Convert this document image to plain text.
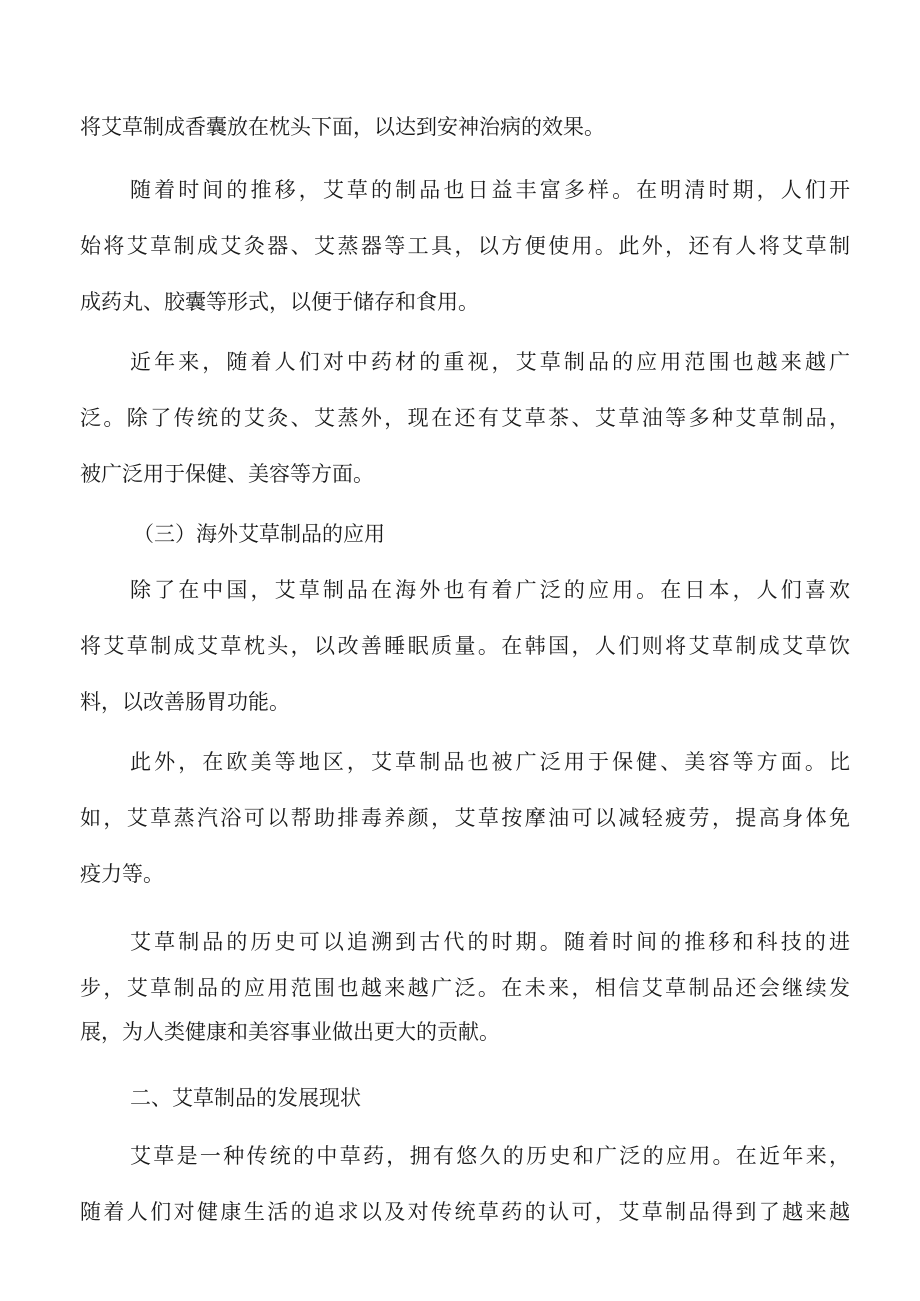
将艾草制成香囊放在枕头下面，以达到安神治病的效果。

随着时间的推移，艾草的制品也日益丰富多样。在明清时期，人们开

始将艾草制成艾灸器、艾蒸器等工具，以方便使用。此外，还有人将艾草制

成药丸、胶囊等形式，以便于储存和食用。

近年来，随着人们对中药材的重视，艾草制品的应用范围也越来越广

泛。除了传统的艾灸、艾蒸外，现在还有艾草茶、艾草油等多种艾草制品，

被广泛用于保健、美容等方面。

（三）海外艾草制品的应用

除了在中国，艾草制品在海外也有着广泛的应用。在日本，人们喜欢

将艾草制成艾草枕头，以改善睡眠质量。在韩国，人们则将艾草制成艾草饮

料，以改善肠胃功能。

此外，在欧美等地区，艾草制品也被广泛用于保健、美容等方面。比

如，艾草蒸汽浴可以帮助排毒养颜，艾草按摩油可以减轻疲劳，提高身体免

疫力等。

艾草制品的历史可以追溯到古代的时期。随着时间的推移和科技的进

步，艾草制品的应用范围也越来越广泛。在未来，相信艾草制品还会继续发

展，为人类健康和美容事业做出更大的贡献。

二、艾草制品的发展现状

艾草是一种传统的中草药，拥有悠久的历史和广泛的应用。在近年来，

随着人们对健康生活的追求以及对传统草药的认可，艾草制品得到了越来越
